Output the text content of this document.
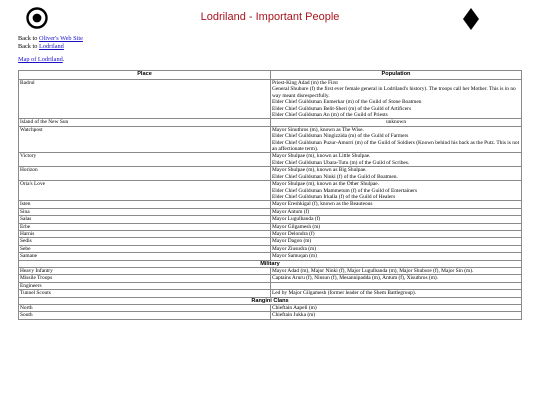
Lodriland - Important People
Back to Oliver's Web Site
Back to Lodriland
Map of Lodriland.
Place	Population
Badrul	Priest-King Adad (m) the First
General Shubure (f) the first ever female general in Lodriland's history). The troops call her Mother. This is in no way meant disrespectfully.
Elder Chief Guildsman Enmerkar (m) of the Guild of Stone Boatmen
Elder Chief Guildsman Belit-Sheri (m) of the Guild of Artificers
Elder Chief Guildsman An (m) of the Guild of Priests

Island of the New Sun	unknown

Watchpost	Mayor Sinuthros (m), known as The Wise.
Elder Chief Guildsman Ningizzida (m) of the Guild of Farmers
Elder Chief Guildsman Puzur-Amurri (m) of the Guild of Soldiers (Known behind his back as the Putz. This is not an affectionate term).

Victory	Mayor Shulpae (m), known as Little Shulpae.
Elder Chief Guildsman Ubara-Tutu (m) of the Guild of Scribes.

Horizon	Mayor Shulpae (m), known as Big Shulpae.
Elder Chief Guildsman Ninki (f) of the Guild of Boatmen.

Oria's Love	Mayor Shulpae (m), known as the Other Shulpae.
Elder Chief Guildsman Mammetum (f) of the Guild of Entertainers
Elder Chief Guildsman Irkalla (f) of the Guild of Healers

Isten	Mayor Ereshkigal (f), known as the Beauteous

Sina	Mayor Antum (f)

Salas	Mayor Lugulbanda (f)

Erbe	Mayor Gilgamesh (m)

Harnis	Mayor Delondra (f)

Sedis	Mayor Dagon (m)

Sebe	Mayor Ziusudra (m)

Samane	Mayor Samuqan (m)

Military	
Heavy Infantry	Mayor Adad (m), Major Ninki (f), Major Lugulbanda (m), Major Shubure (f), Major Sin (m).

Missile Troops	Captains Aruru (f), Ninsun (f), Mesannipadda (m), Antum (f), Xisuthros (m).

Engineers	

Tunnel Scouts	Led by Major Gilgamesh (former leader of the Shem Battlegroup).

Rangini Clans	
North	Chieftain Aapeli (m)

South	Chieftain Jukka (m)
